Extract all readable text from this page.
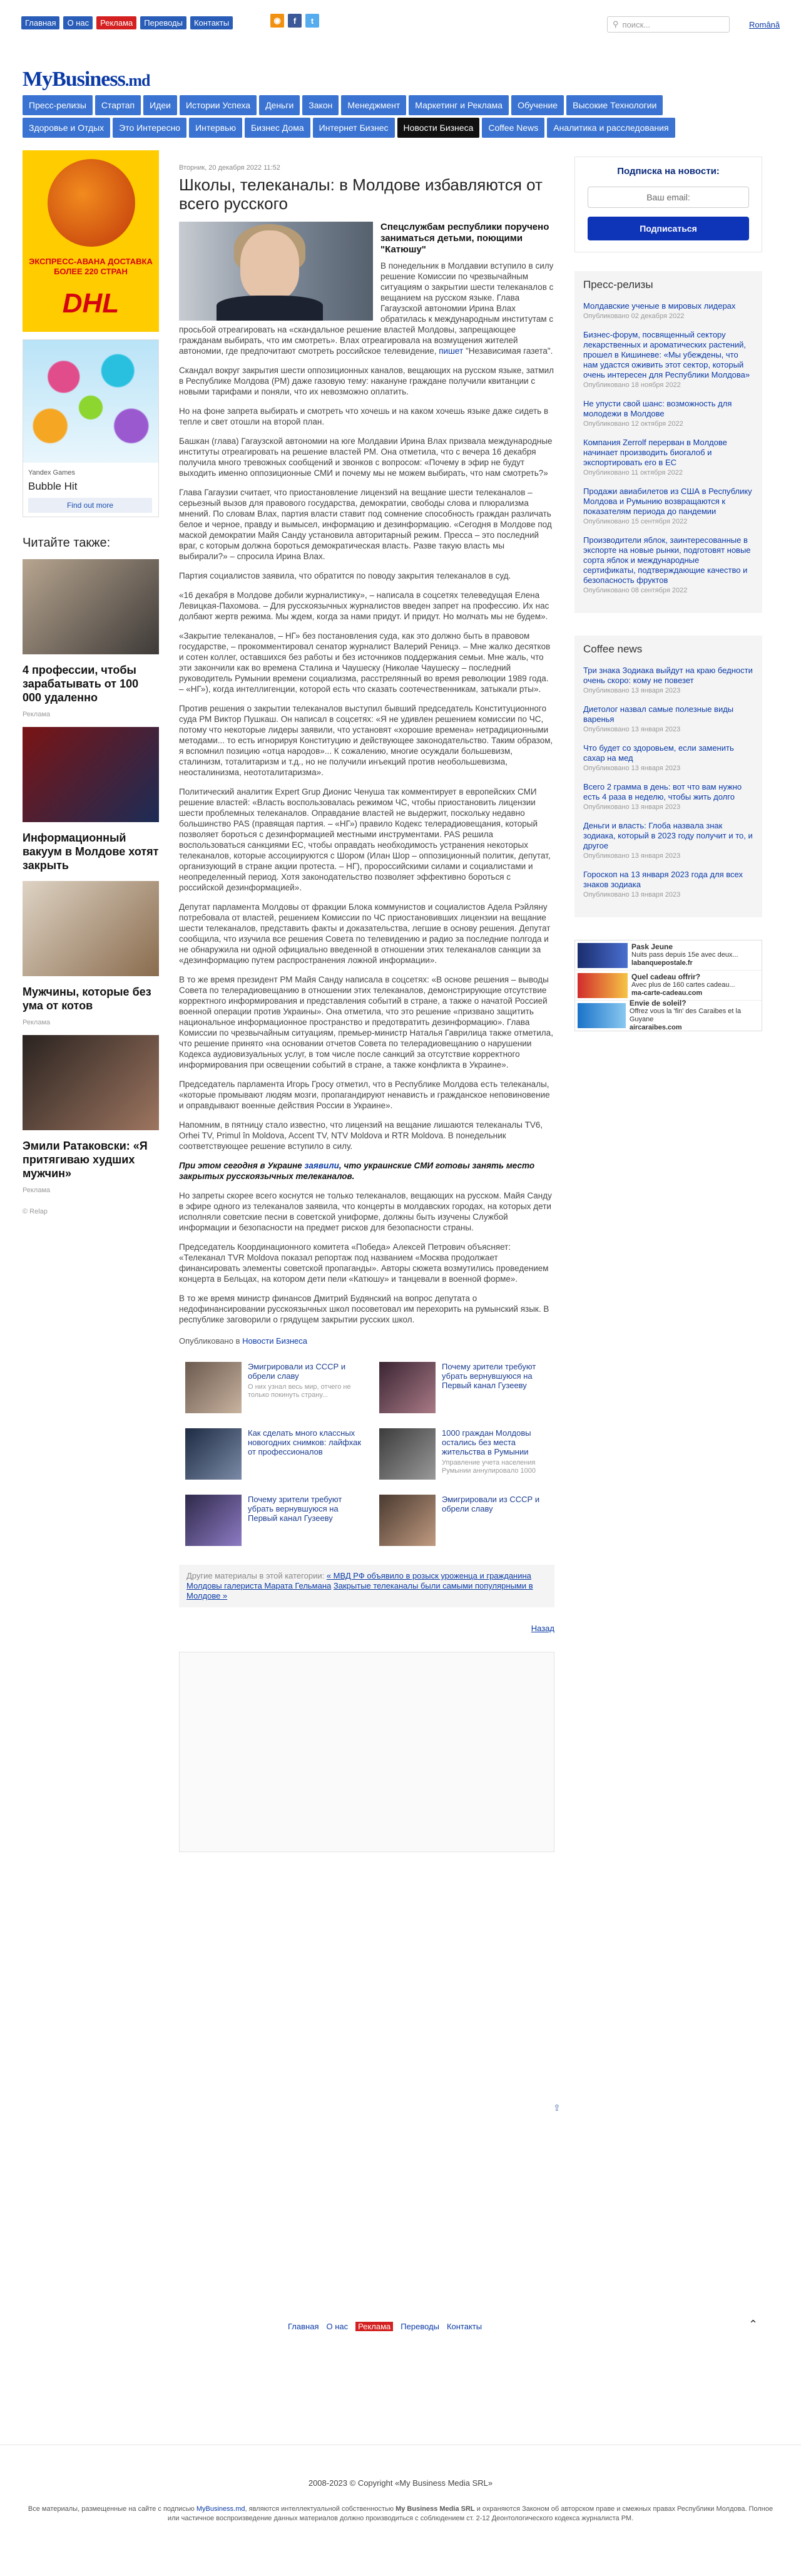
Главная	О нас	Реклама	Переводы	Контакты	◉	f	t	⚲ поиск...	Română
MyBusiness.md
Пресс-релизы	Стартап	Идеи	Истории Успеха	Деньги	Закон	Менеджмент	Маркетинг и Реклама	Обучение	Высокие Технологии
Здоровье и Отдых	Это Интересно	Интервью	Бизнес Дома	Интернет Бизнес	Новости Бизнеса	Coffee News	Аналитика и расследования
ЭКСПРЕСС-АВАНА ДОСТАВКА БОЛЕЕ 220 СТРАН
DHL
Yandex Games
Bubble Hit
Find out more
Читайте также:
4 профессии, чтобы зарабатывать от 100 000 удаленно
Рекламa
Информационный вакуум в Молдове хотят закрыть
Мужчины, которые без ума от котов
Рекламa
Эмили Ратаковски: «Я притягиваю худших мужчин»
Рекламa
© Relap
Вторник, 20 декабря 2022 11:52
Школы, телеканалы: в Молдове избавляются от всего русского
Спецслужбам республики поручено заниматься детьми, поющими "Катюшу"

В понедельник в Молдавии вступило в силу решение Комиссии по чрезвычайным ситуациям о закрытии шести телеканалов с вещанием на русском языке. Глава Гагаузской автономии Ирина Влах обратилась к международным институтам с просьбой отреагировать на «скандальное решение властей Молдовы, запрещающее гражданам выбирать, что им смотреть». Влах отреагировала на возмущения жителей автономии, где предпочитают смотреть российское телевидение, пишет "Независимая газета".

Скандал вокруг закрытия шести оппозиционных каналов, вещающих на русском языке, затмил в Республике Молдова (РМ) даже газовую тему: накануне граждане получили квитанции с новыми тарифами и поняли, что их невозможно оплатить.

Но на фоне запрета выбирать и смотреть что хочешь и на каком хочешь языке даже сидеть в тепле и свет отошли на второй план.

Башкан (глава) Гагаузской автономии на юге Молдавии Ирина Влах призвала международные институты отреагировать на решение властей РМ. Она отметила, что с вечера 16 декабря получила много тревожных сообщений и звонков с вопросом: «Почему в эфир не будут выходить именно оппозиционные СМИ и почему мы не можем выбирать, что нам смотреть?»

Глава Гагаузии считает, что приостановление лицензий на вещание шести телеканалов – серьезный вызов для правового государства, демократии, свободы слова и плюрализма мнений. По словам Влах, партия власти ставит под сомнение способность граждан различать белое и черное, правду и вымысел, информацию и дезинформацию. «Сегодня в Молдове под маской демократии Майя Санду установила авторитарный режим. Пресса – это последний враг, с которым должна бороться демократическая власть. Разве такую власть мы выбирали?» – спросила Ирина Влах.

Партия социалистов заявила, что обратится по поводу закрытия телеканалов в суд.

«16 декабря в Молдове добили журналистику», – написала в соцсетях телеведущая Елена Левицкая-Пахомова. – Для русскоязычных журналистов введен запрет на профессию. Их нас долбают жертв режима. Мы ждем, когда за нами придут. И придут. Но молчать мы не будем».

«Закрытие телеканалов, – НГ» без постановления суда, как это должно быть в правовом государстве, – прокомментировал сенатор журналист Валерий Реницэ. – Мне жалко десятков и сотен коллег, оставшихся без работы и без источников поддержания семьи. Мне жаль, что эти закончили как во времена Сталина и Чаушеску (Николае Чаушеску – последний руководитель Румынии времени социализма, расстрелянный во время революции 1989 года. – «НГ»), когда интеллигенции, которой есть что сказать соотечественникам, затыкали рты».

Против решения о закрытии телеканалов выступил бывший председатель Конституционного суда РМ Виктор Пушкаш. Он написал в соцсетях: «Я не удивлен решением комиссии по ЧС, потому что некоторые лидеры заявили, что установят «хорошие времена» нетрадиционными методами... то есть игнорируя Конституцию и действующее законодательство. Таким образом, я вспомнил позицию «отца народов»... К сожалению, многие осуждали большевизм, сталинизм, тоталитаризм и т.д., но не получили инъекций против необольшевизма, неосталинизма, неототалитаризма».

Политический аналитик Expert Grup Дионис Ченуша так комментирует в европейских СМИ решение властей: «Власть воспользовалась режимом ЧС, чтобы приостановить лицензии шести проблемных телеканалов. Оправдание властей не выдержит, поскольку недавно большинство PAS (правящая партия. – «НГ») правило Кодекс телерадиовещания, который позволяет бороться с дезинформацией местными инструментами. PAS решила воспользоваться санкциями ЕС, чтобы оправдать необходимость устранения некоторых телеканалов, которые ассоциируются с Шором (Илан Шор – оппозиционный политик, депутат, организующий в стране акции протеста. – НГ), пророссийскими силами и социалистами и неопределенный период. Хотя законодательство позволяет эффективно бороться с российской дезинформацией».

Депутат парламента Молдовы от фракции Блока коммунистов и социалистов Адела Рэйляну потребовала от властей, решением Комиссии по ЧС приостановивших лицензии на вещание шести телеканалов, представить факты и доказательства, легшие в основу решения. Депутат сообщила, что изучила все решения Совета по телевидению и радио за последние полгода и не обнаружила ни одной официально введенной в отношении этих телеканалов санкции за «дезинформацию путем распространения ложной информации».

В то же время президент РМ Майя Санду написала в соцсетях: «В основе решения – выводы Совета по телерадиовещанию в отношении этих телеканалов, демонстрирующие отсутствие корректного информирования и представления событий в стране, а также о начатой Россией военной операции против Украины». Она отметила, что это решение «призвано защитить национальное информационное пространство и предотвратить дезинформацию». Глава Комиссии по чрезвычайным ситуациям, премьер-министр Наталья Гаврилица также отметила, что решение принято «на основании отчетов Совета по телерадиовещанию о нарушении Кодекса аудиовизуальных услуг, в том числе после санкций за отсутствие корректного информирования при освещении событий в стране, а также конфликта в Украине».

Председатель парламента Игорь Гросу отметил, что в Республике Молдова есть телеканалы, «которые промывают людям мозги, пропагандируют ненависть и гражданское неповиновение и оправдывают военные действия России в Украине».

Напомним, в пятницу стало известно, что лицензий на вещание лишаются телеканалы TV6, Orhei TV, Primul în Moldova, Accent TV, NTV Moldova и RTR Moldova. В понедельник соответствующее решение вступило в силу.

При этом сегодня в Украине заявили, что украинские СМИ готовы занять место закрытых русскоязычных телеканалов.

Но запреты скорее всего коснутся не только телеканалов, вещающих на русском. Майя Санду в эфире одного из телеканалов заявила, что концерты в молдавских городах, на которых дети исполняли советские песни в советской униформе, должны быть изучены Службой информации и безопасности на предмет рисков для безопасности страны.

Председатель Координационного комитета «Победа» Алексей Петрович объясняет: «Телеканал TVR Moldova показал репортаж под названием «Москва продолжает финансировать элементы советской пропаганды». Авторы сюжета возмутились проведением концерта в Бельцах, на котором дети пели «Катюшу» и танцевали в военной форме».

В то же время министр финансов Дмитрий Будянский на вопрос депутата о недофинансировании русскоязычных школ посоветовал им перехорить на румынский язык. В республике заговорили о грядущем закрытии русских школ.

Опубликовано в Новости Бизнеса
Эмигрировали из СССР и обрели славу
О них узнал весь мир, отчего не только покинуть страну...
Почему зрители требуют убрать вернувшуюся на Первый канал Гузееву
Как сделать много классных новогодних снимков: лайфхак от профессионалов
1000 граждан Молдовы остались без места жительства в Румынии
Управление учета населения Румынии аннулировало 1000
Почему зрители требуют убрать вернувшуюся на Первый канал Гузееву
Эмигрировали из СССР и обрели славу
Другие материалы в этой категории: « МВД РФ объявило в розыск уроженца и гражданина Молдовы галериста Марата Гельмана Закрытые телеканалы были самыми популярными в Молдове »
Назад
Подписка на новости:
Ваш email:
Подписаться
Пресс-релизы
Молдавские ученые в мировых лидерах
Опубликовано 02 декабря 2022
Бизнес-форум, посвященный сектору лекарственных и ароматических растений, прошел в Кишиневе: «Мы убеждены, что нам удастся оживить этот сектор, который очень интересен для Республики Молдова»
Опубликовано 18 ноября 2022
Не упусти свой шанс: возможность для молодежи в Молдове
Опубликовано 12 октября 2022
Компания Zerrolf перерван в Молдове начинает производить биогалоб и экспортировать его в ЕС
Опубликовано 11 октября 2022
Продажи авиабилетов из США в Республику Молдова и Румынию возвращаются к показателям периода до пандемии
Опубликовано 15 сентября 2022
Производители яблок, заинтересованные в экспорте на новые рынки, подготовят новые сорта яблок и международные сертификаты, подтверждающие качество и безопасность фруктов
Опубликовано 08 сентября 2022
Coffee news
Три знака Зодиака выйдут на краю бедности очень скоро: кому не повезет
Опубликовано 13 января 2023
Диетолог назвал самые полезные виды варенья
Опубликовано 13 января 2023
Что будет со здоровьем, если заменить сахар на мед
Опубликовано 13 января 2023
Всего 2 грамма в день: вот что вам нужно есть 4 раза в неделю, чтобы жить долго
Опубликовано 13 января 2023
Деньги и власть: Глоба назвала знак зодиака, который в 2023 году получит и то, и другое
Опубликовано 13 января 2023
Гороскоп на 13 января 2023 года для всех знаков зодиака
Опубликовано 13 января 2023
Pask Jeune
Nuits pass depuis 15e avec deux...
labanquepostale.fr
Quel cadeau offrir?
Avec plus de 160 cartes cadeau...
ma-carte-cadeau.com
Envie de soleil?
Offrez vous la 'fin' des Caraibes et la Guyane
aircaraibes.com
⇪
Главная О нас	Реклама	Переводы Контакты	⌃
2008-2023 © Copyright «My Business Media SRL»
Все материалы, размещенные на сайте с подписью MyBusiness.md, являются интеллектуальной собственностью My Business Media SRL и охраняются Законом об авторском праве и смежных правах Республики Молдова. Полное или частичное воспроизведение данных материалов должно производиться с соблюдением ст. 2-12 Деонтологического кодекса журналиста РМ.
